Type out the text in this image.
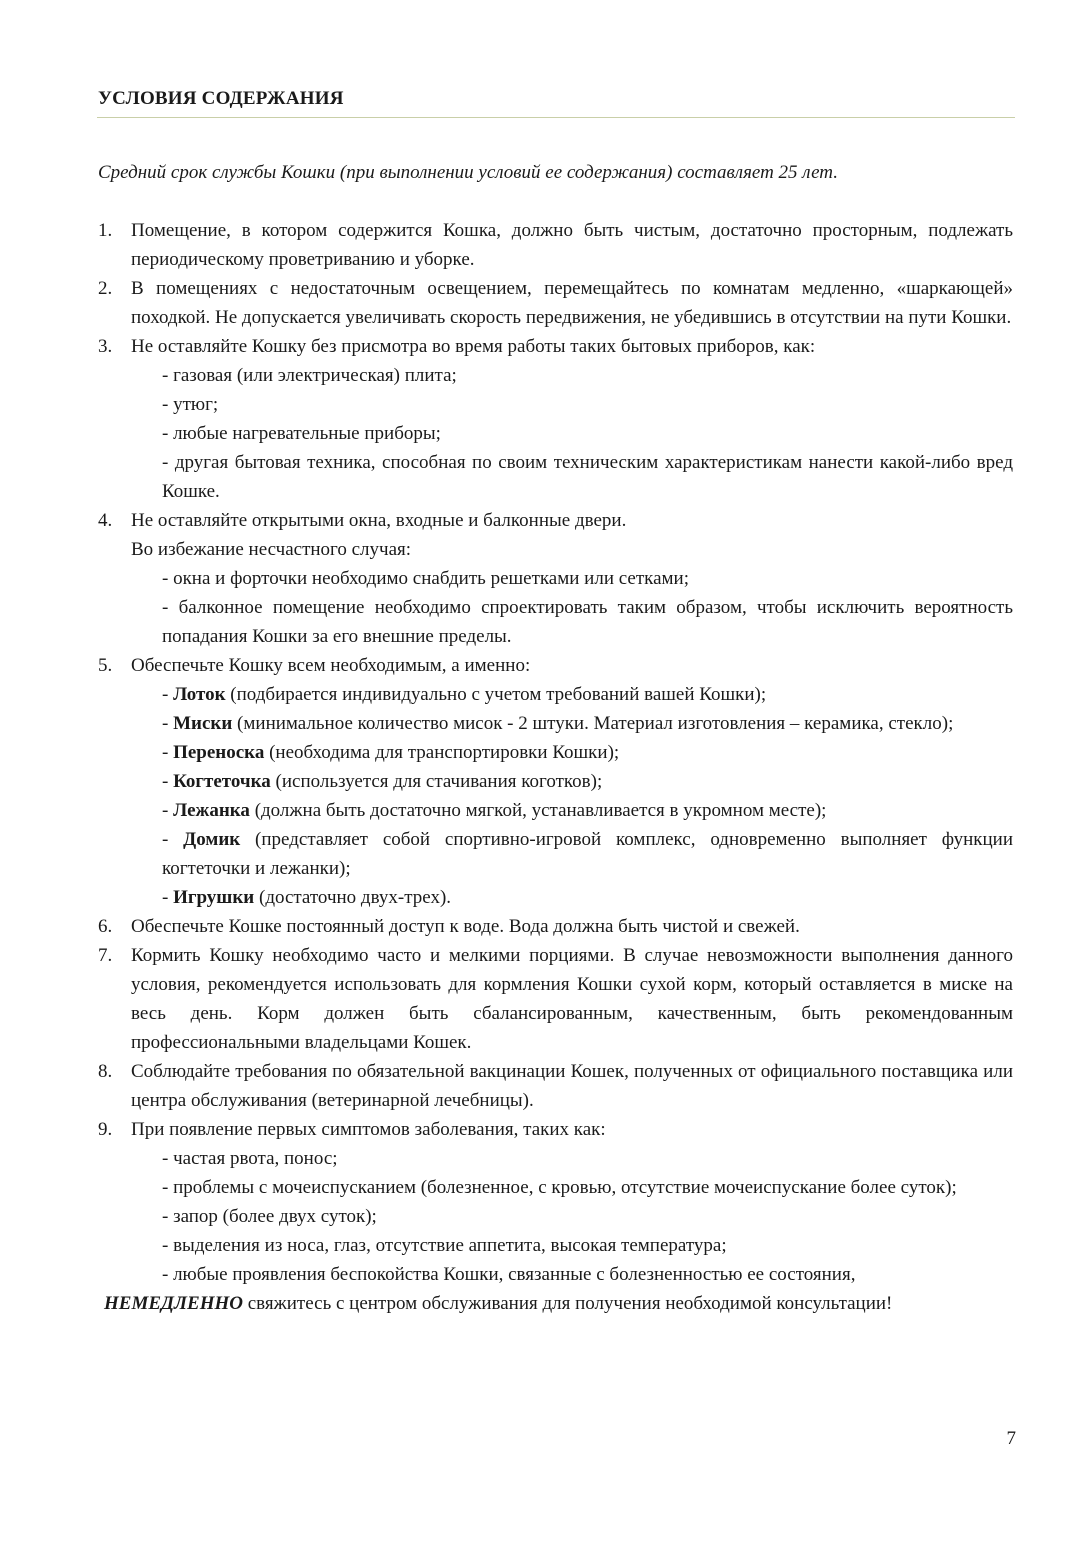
УСЛОВИЯ СОДЕРЖАНИЯ
Средний срок службы Кошки (при выполнении условий ее содержания) составляет 25 лет.
1. Помещение, в котором содержится Кошка, должно быть чистым, достаточно просторным, подлежать периодическому проветриванию и уборке.
2. В помещениях с недостаточным освещением, перемещайтесь по комнатам медленно, «шаркающей» походкой. Не допускается увеличивать скорость передвижения, не убедившись в отсутствии на пути Кошки.
3. Не оставляйте Кошку без присмотра во время работы таких бытовых приборов, как:
- газовая (или электрическая) плита;
- утюг;
- любые нагревательные приборы;
- другая бытовая техника, способная по своим техническим характеристикам нанести какой-либо вред Кошке.
4. Не оставляйте открытыми окна, входные и балконные двери.
Во избежание несчастного случая:
- окна и форточки необходимо снабдить решетками или сетками;
- балконное помещение необходимо спроектировать таким образом, чтобы исключить вероятность попадания Кошки за его внешние пределы.
5. Обеспечьте Кошку всем необходимым, а именно:
- Лоток (подбирается индивидуально с учетом требований вашей Кошки);
- Миски (минимальное количество мисок - 2 штуки. Материал изготовления – керамика, стекло);
- Переноска (необходима для транспортировки Кошки);
- Когтеточка (используется для стачивания коготков);
- Лежанка (должна быть достаточно мягкой, устанавливается в укромном месте);
- Домик (представляет собой спортивно-игровой комплекс, одновременно выполняет функции когтеточки и лежанки);
- Игрушки (достаточно двух-трех).
6. Обеспечьте Кошке постоянный доступ к воде. Вода должна быть чистой и свежей.
7. Кормить Кошку необходимо часто и мелкими порциями. В случае невозможности выполнения данного условия, рекомендуется использовать для кормления Кошки сухой корм, который оставляется в миске на весь день. Корм должен быть сбалансированным, качественным, быть рекомендованным профессиональными владельцами Кошек.
8. Соблюдайте требования по обязательной вакцинации Кошек, полученных от официального поставщика или центра обслуживания (ветеринарной лечебницы).
9. При появление первых симптомов заболевания, таких как:
- частая рвота, понос;
- проблемы с мочеиспусканием (болезненное, с кровью, отсутствие мочеиспускание более суток);
- запор (более двух суток);
- выделения из носа, глаз, отсутствие аппетита, высокая температура;
- любые проявления беспокойства Кошки, связанные с болезненностью ее состояния,
НЕМЕДЛЕННО свяжитесь с центром обслуживания для получения необходимой консультации!
7
